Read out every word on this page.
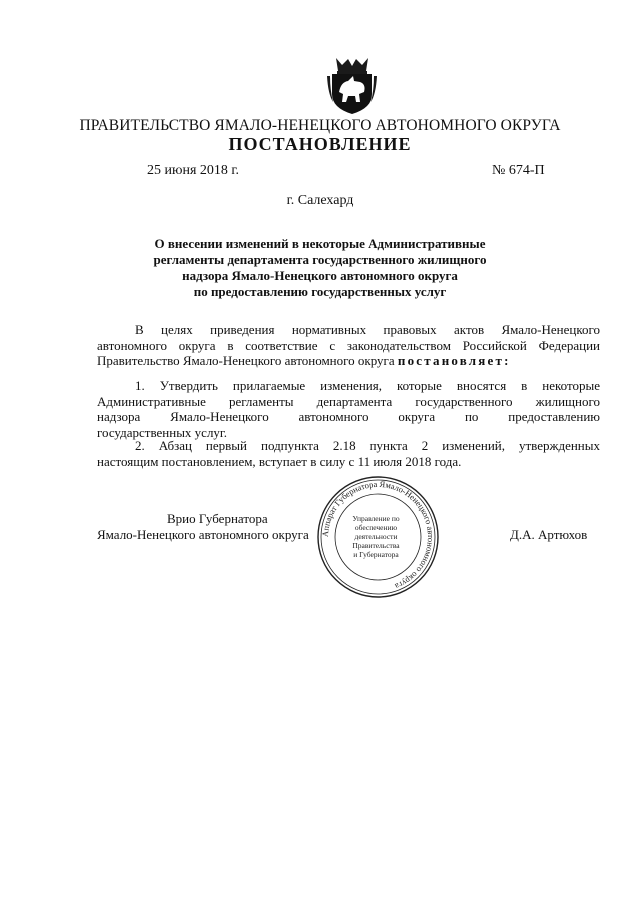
ПРАВИТЕЛЬСТВО ЯМАЛО-НЕНЕЦКОГО АВТОНОМНОГО ОКРУГА
ПОСТАНОВЛЕНИЕ
25 июня 2018 г.	№ 674-П
г. Салехард
О внесении изменений в некоторые Административные
регламенты департамента государственного жилищного
надзора Ямало-Ненецкого автономного округа
по предоставлению государственных услуг
В целях приведения нормативных правовых актов Ямало-Ненецкого
автономного округа в соответствие с законодательством Российской Федерации
Правительство Ямало-Ненецкого автономного округа постановляет:
1. Утвердить прилагаемые изменения, которые вносятся в некоторые
Административные регламенты департамента государственного жилищного
надзора Ямало-Ненецкого автономного округа по предоставлению
государственных услуг.
2. Абзац первый подпункта 2.18 пункта 2 изменений, утвержденных
настоящим постановлением, вступает в силу с 11 июля 2018 года.
Врио Губернатора
Ямало-Ненецкого автономного округа	Д.А. Артюхов
Аппарат Губернатора Ямало-Ненецкого автономного округа
Управление по
обеспечению
деятельности
Правительства
и Губернатора
